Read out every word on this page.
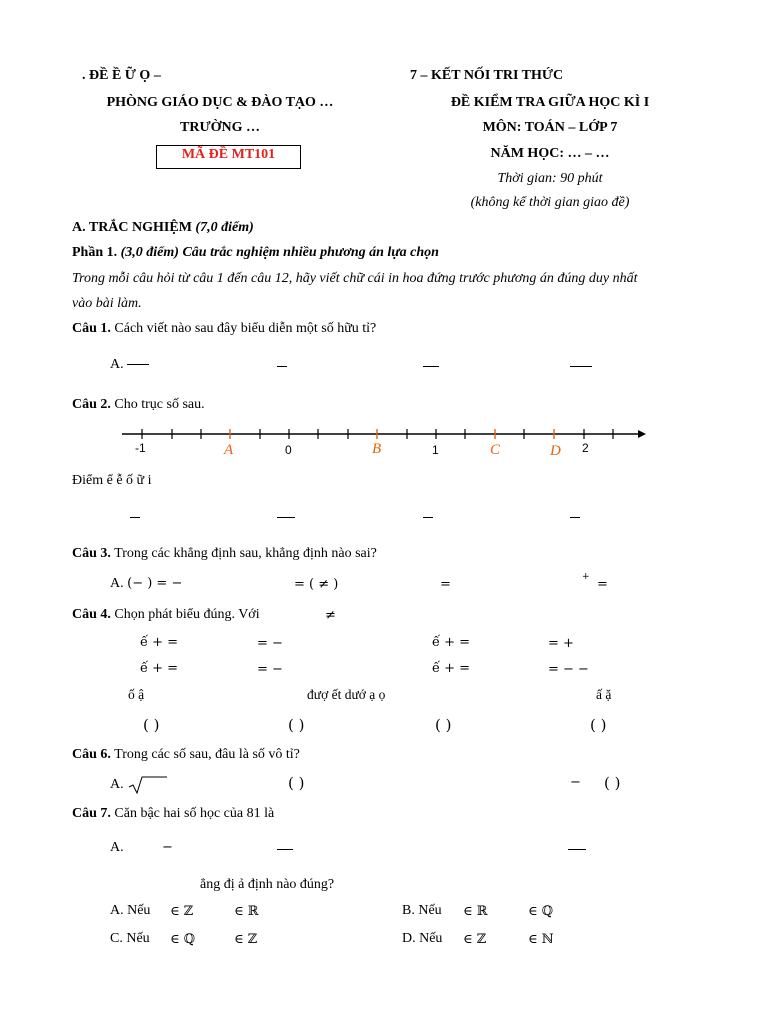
. ĐỀ Ề Ữ Ọ –	7 – KẾT NỐI TRI THỨC
PHÒNG GIÁO DỤC & ĐÀO TẠO …
TRƯỜNG …
MÃ ĐỀ MT101
ĐỀ KIỂM TRA GIỮA HỌC KÌ I
MÔN: TOÁN – LỚP 7
NĂM HỌC: … – …
Thời gian: 90 phút
(không kể thời gian giao đề)
A. TRẮC NGHIỆM (7,0 điểm)
Phần 1. (3,0 điểm) Câu trắc nghiệm nhiều phương án lựa chọn
Trong mỗi câu hỏi từ câu 1 đến câu 12, hãy viết chữ cái in hoa đứng trước phương án đúng duy nhất
vào bài làm.
Câu 1. Cách viết nào sau đây biểu diễn một số hữu tỉ?
A.
Câu 2. Cho trục số sau.
-1	0	1	2
A	B	C	D
Điểm ể ễ ố ữ i
Câu 3. Trong các khẳng định sau, khẳng định nào sai?
A. (− ) = −	= ( ≠ )	=	+ =
Câu 4. Chọn phát biểu đúng. Với	≠
ế + =	= −	ế + =	= +
ế + =	= −	ế + =	= − −
ố ậ	đượ ết dướ ạ ọ	ấ ặ
( )	( )	( )	( )
Câu 6. Trong các số sau, đâu là số vô tỉ?
A.	( )	− ( )
Câu 7. Căn bậc hai số học của 81 là
A.	−
ẳng đị ả định nào đúng?
A. Nếu ∈ ℤ	∈ ℝ	B. Nếu ∈ ℝ	∈ ℚ
C. Nếu ∈ ℚ	∈ ℤ	D. Nếu ∈ ℤ	∈ ℕ
